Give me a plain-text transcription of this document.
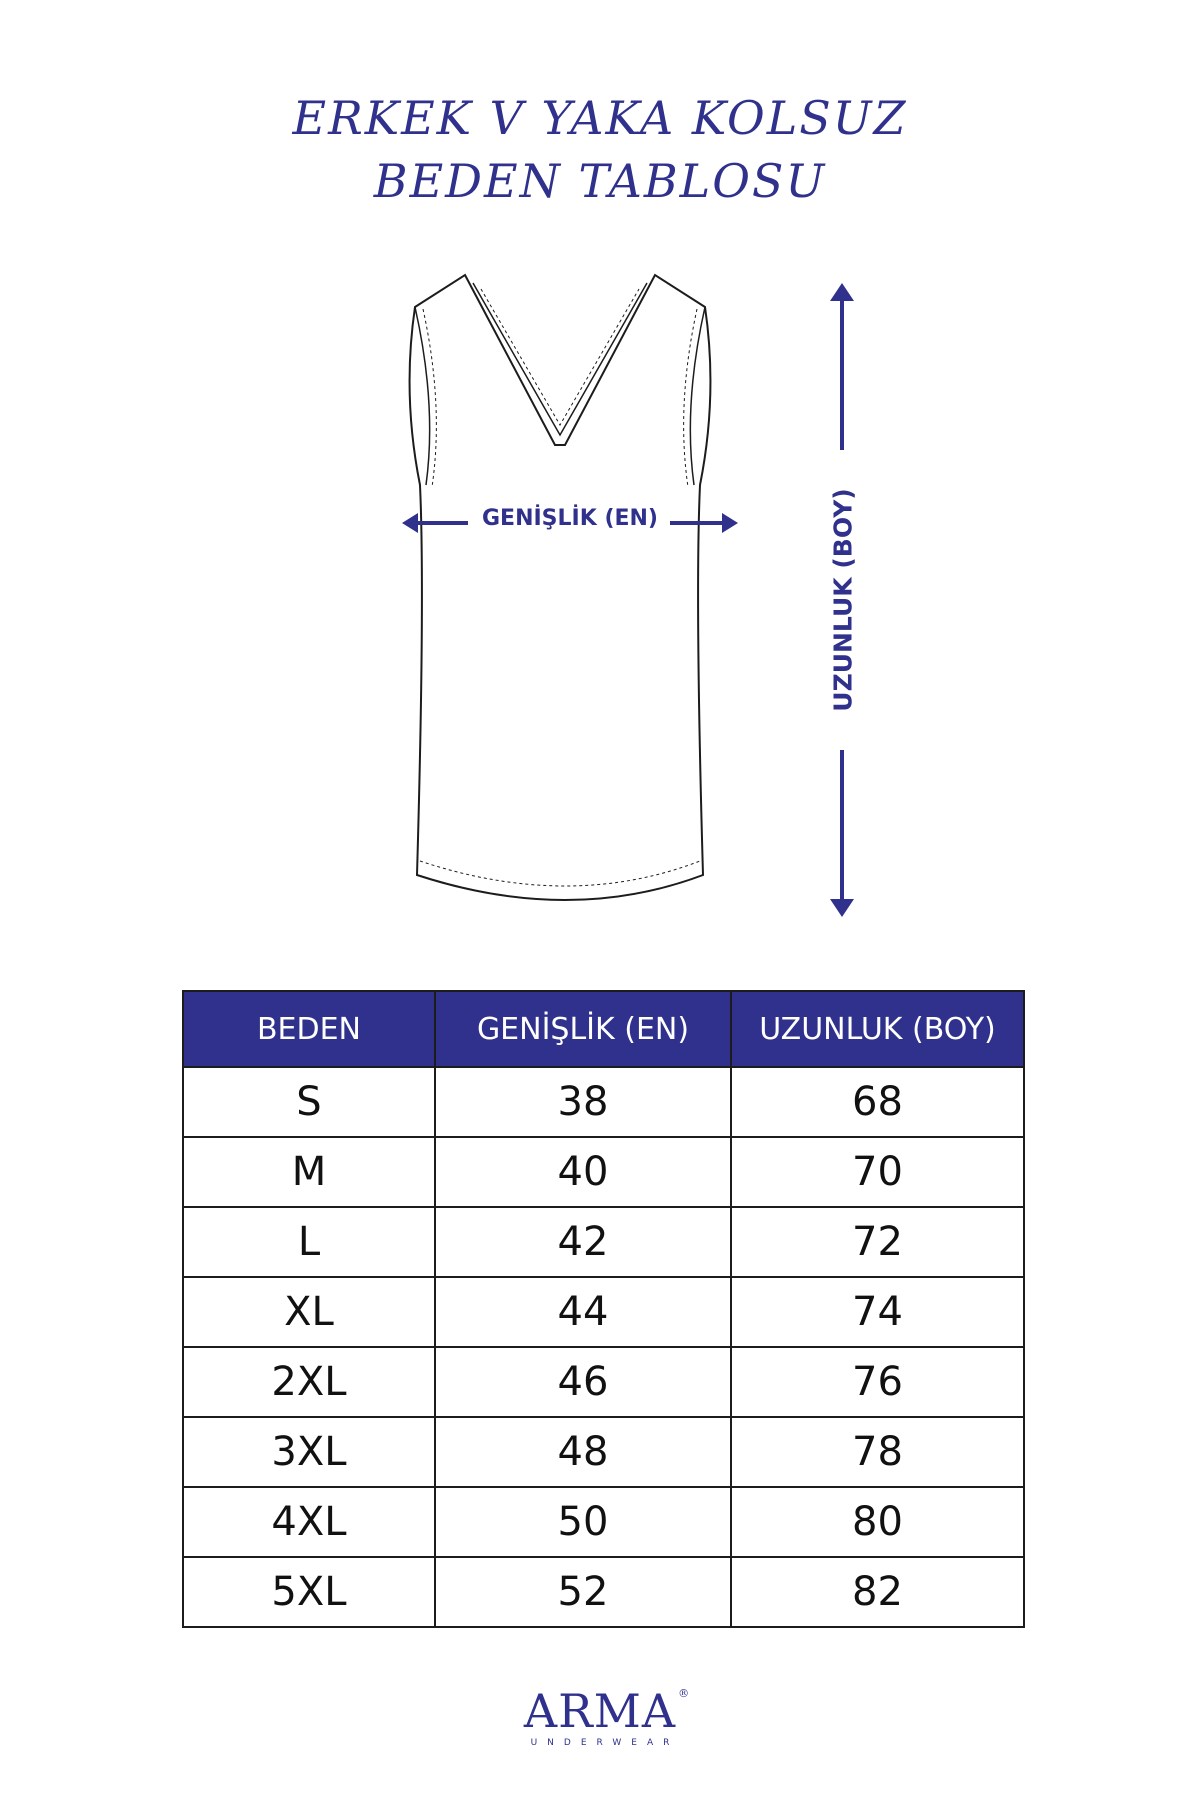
ERKEK V YAKA KOLSUZ
BEDEN TABLOSU
GENİŞLİK (EN)	UZUNLUK (BOY)
BEDEN	GENİŞLİK (EN)	UZUNLUK (BOY)
S	38	68
M	40	70
L	42	72
XL	44	74
2XL	46	76
3XL	48	78
4XL	50	80
5XL	52	82
ARMA ®
UNDERWEAR
